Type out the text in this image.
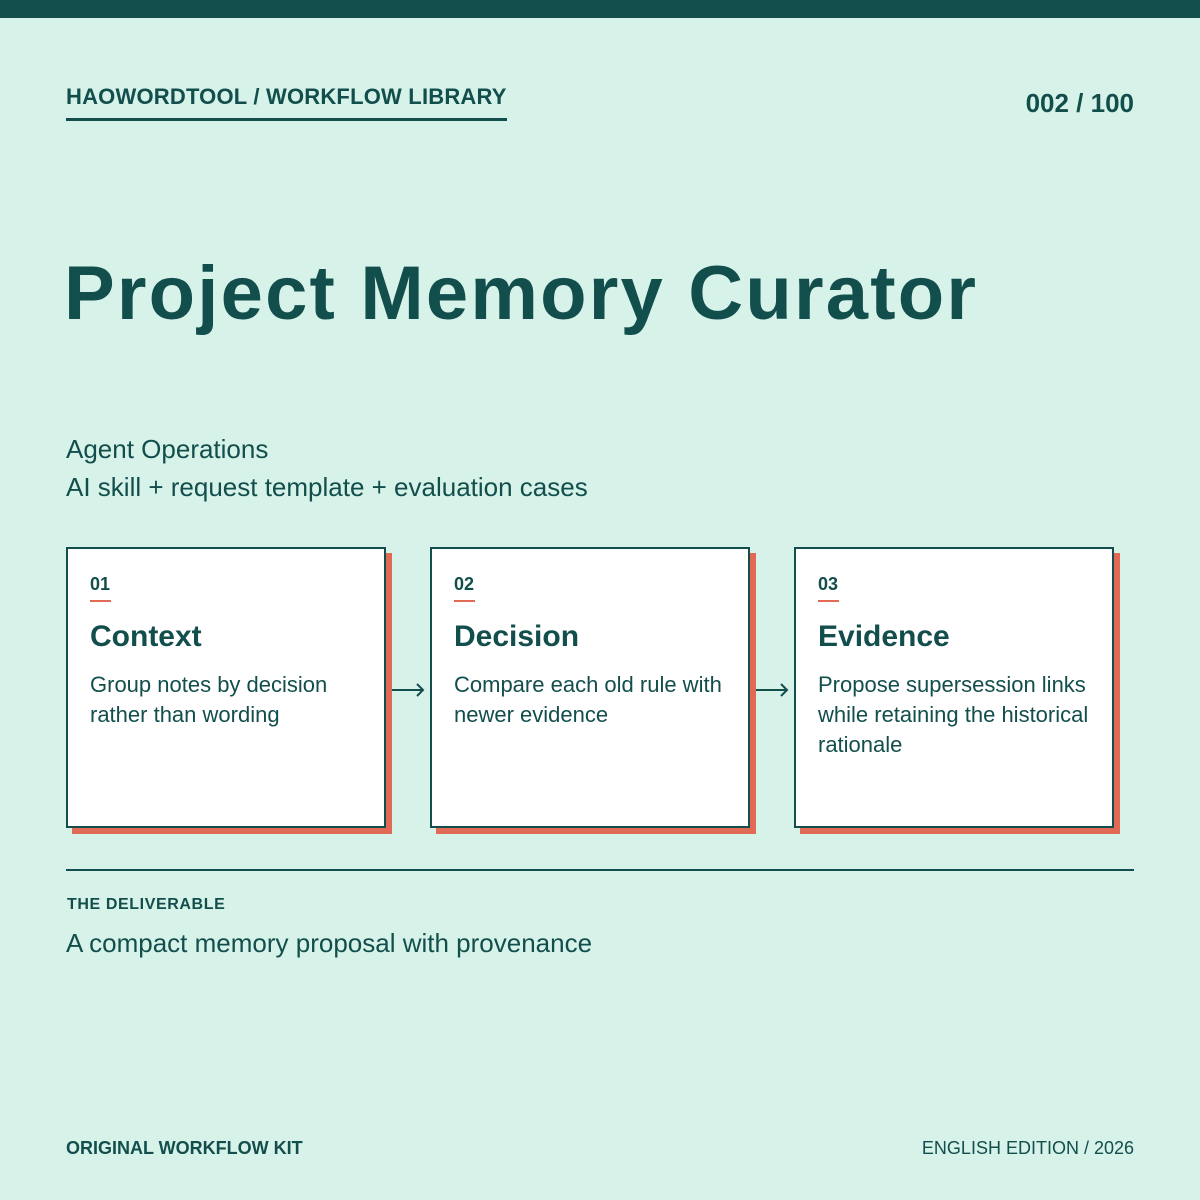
HAOWORDTOOL / WORKFLOW LIBRARY	002 / 100
Project Memory Curator
Agent Operations
AI skill + request template + evaluation cases
01
Context
Group notes by decision rather than wording
02
Decision
Compare each old rule with newer evidence
03
Evidence
Propose supersession links while retaining the historical rationale
THE DELIVERABLE
A compact memory proposal with provenance
ORIGINAL WORKFLOW KIT	ENGLISH EDITION / 2026
